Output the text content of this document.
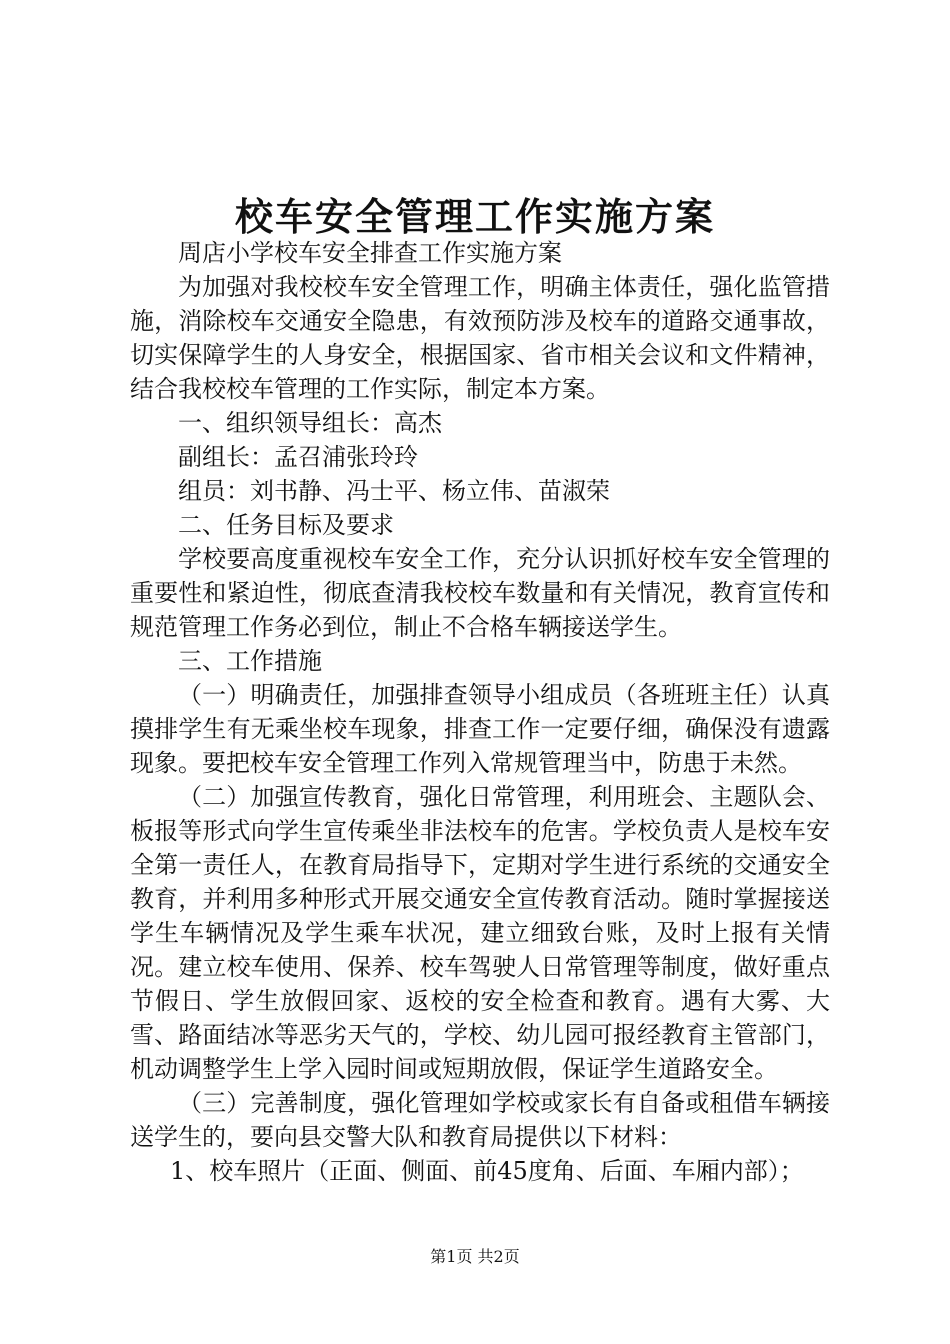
校车安全管理工作实施方案

周店小学校车安全排查工作实施方案

为加强对我校校车安全管理工作，明确主体责任，强化监管措施，消除校车交通安全隐患，有效预防涉及校车的道路交通事故，切实保障学生的人身安全，根据国家、省市相关会议和文件精神，结合我校校车管理的工作实际，制定本方案。

一、组织领导组长：高杰

副组长：孟召浦张玲玲

组员：刘书静、冯士平、杨立伟、苗淑荣

二、任务目标及要求

学校要高度重视校车安全工作，充分认识抓好校车安全管理的重要性和紧迫性，彻底查清我校校车数量和有关情况，教育宣传和规范管理工作务必到位，制止不合格车辆接送学生。

三、工作措施

（一）明确责任，加强排查领导小组成员（各班班主任）认真摸排学生有无乘坐校车现象，排查工作一定要仔细，确保没有遗露现象。要把校车安全管理工作列入常规管理当中，防患于未然。

（二）加强宣传教育，强化日常管理，利用班会、主题队会、板报等形式向学生宣传乘坐非法校车的危害。学校负责人是校车安全第一责任人，在教育局指导下，定期对学生进行系统的交通安全教育，并利用多种形式开展交通安全宣传教育活动。随时掌握接送学生车辆情况及学生乘车状况，建立细致台账，及时上报有关情况。建立校车使用、保养、校车驾驶人日常管理等制度，做好重点节假日、学生放假回家、返校的安全检查和教育。遇有大雾、大雪、路面结冰等恶劣天气的，学校、幼儿园可报经教育主管部门，机动调整学生上学入园时间或短期放假，保证学生道路安全。

（三）完善制度，强化管理如学校或家长有自备或租借车辆接送学生的，要向县交警大队和教育局提供以下材料：

1、校车照片（正面、侧面、前45度角、后面、车厢内部）；

第1页 共2页
